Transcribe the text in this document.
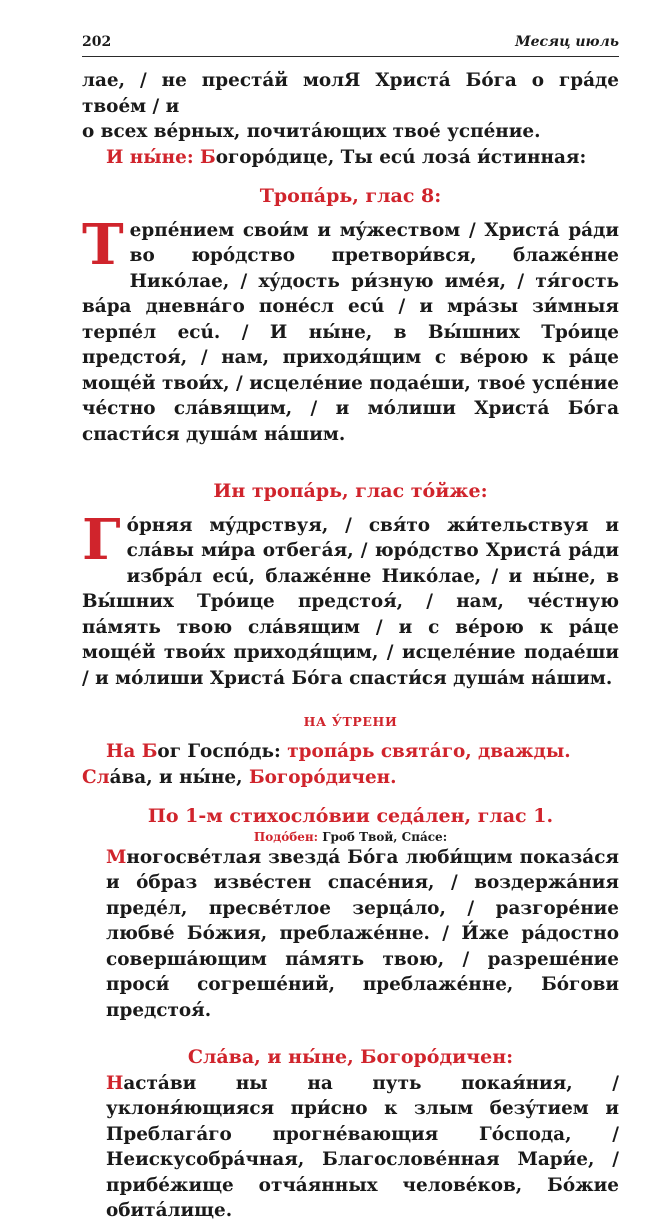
202	Месяц июль

лае, / не престáй молЯ Христá Бóга о грáде твоéм / и

о всех вéрных, почитáющих твоé успéние.

И ны́не: Богорóдице, Ты есú лозá и́стинная:

Тропáрь, глас 8:

Терпéнием свои́м и мýжеством / Христá рáди во юрóдство претвори́вся, блажéнне Никóлае, / хýдость ри́зную имéя, / тя́гость вáра дневнáго понéсл есú / и мрáзы зи́мныя терпéл есú. / И ны́не, в Вы́шних Трóице предстоя́, / нам, приходя́щим с вéрою к рáце мощéй твои́х, / исцелéние подаéши, твоé успéние чéстно слáвящим, / и мóлиши Христá Бóга спасти́ся душáм нáшим.

Ин тропáрь, глас тóйже:

Гóрняя мýдрствуя, / свя́то жи́тельствуя и слáвы ми́ра отбегáя, / юрóдство Христá рáди избрáл есú, блажéнне Никóлае, / и ны́не, в Вы́шних Трóице предстоя́, / нам, чéстную пáмять твою слáвящим / и с вéрою к рáце мощéй твои́х приходя́щим, / исцелéние подаéши / и мóлиши Христá Бóга спасти́ся душáм нáшим.

НА У́ТРЕНИ

На Бог Госпóдь: тропáрь святáго, дважды.

Слáва, и ны́не, Богорóдичен.

По 1-м стихослóвии седáлен, глас 1.

Подóбен: Гроб Твой, Спáсе:

Многосвéтлая звездá Бóга люби́щим показáся и óбраз извéстен спасéния, / воздержáния предéл, пресвéтлое зерцáло, / разгорéние любвé Бóжия, преблажéнне. / И́же рáдостно совершáющим пáмять твою, / разрешéние проси́ согрешéний, преблажéнне, Бóгови предстоя́.

Слáва, и ны́не, Богорóдичен:

Настáви ны на путь покая́ния, / уклоня́ющияся при́сно к злым безýтием и Преблагáго прогнéвающия Гóспода, / Неискусобрáчная, Благословéнная Мари́е, / прибéжище отчáянных человéков, Бóжие обитáлище.
